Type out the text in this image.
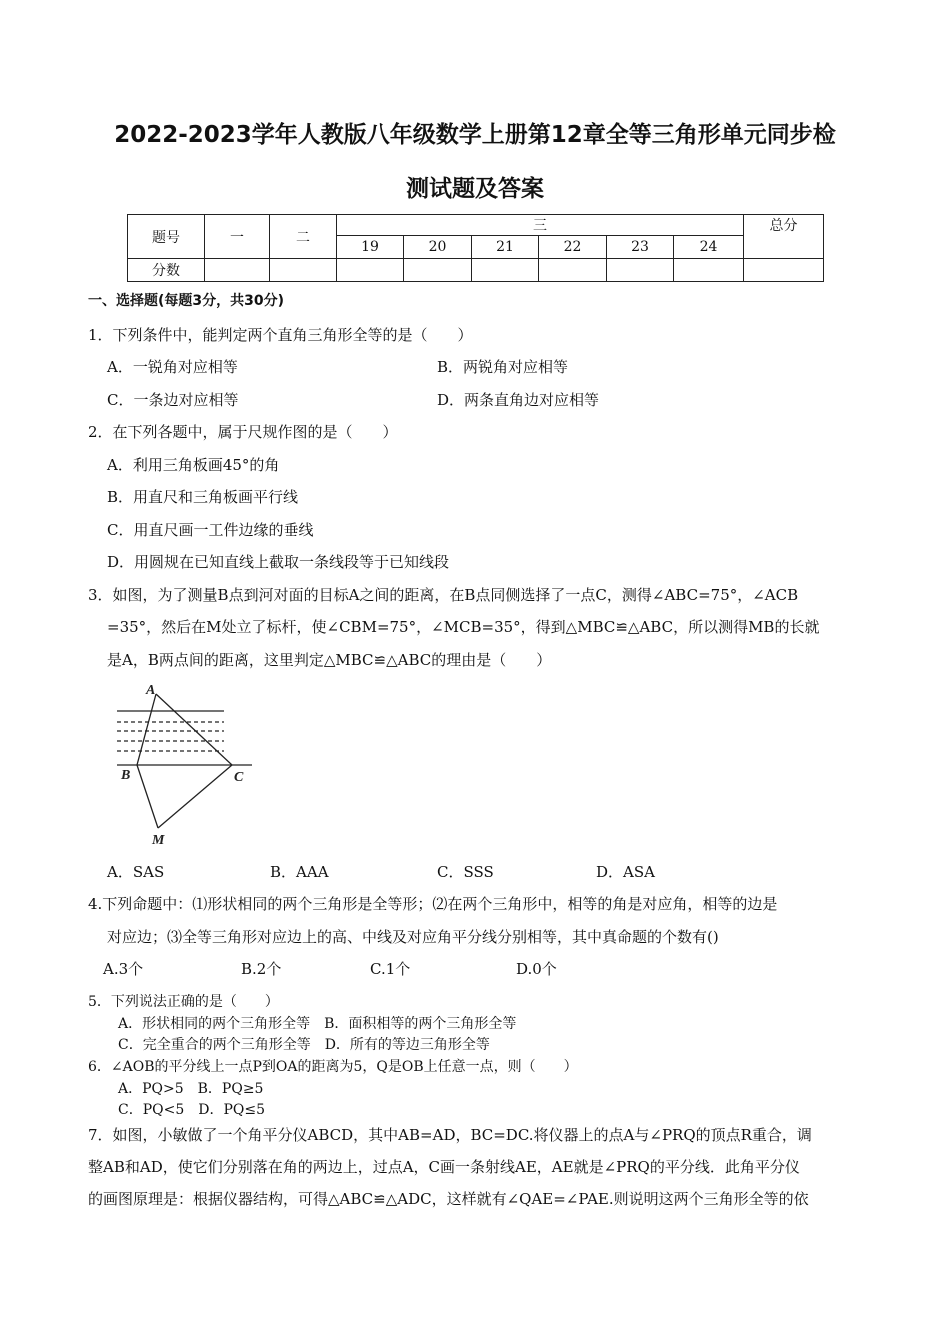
2022-2023学年人教版八年级数学上册第12章全等三角形单元同步检
测试题及答案
题号	一	二	三						总分
			19	20	21	22	23	24	
分数									
一、选择题(每题3分，共30分)
1．下列条件中，能判定两个直角三角形全等的是（　　）
A．一锐角对应相等	B．两锐角对应相等
C．一条边对应相等	D．两条直角边对应相等
2．在下列各题中，属于尺规作图的是（　　）
A．利用三角板画45°的角
B．用直尺和三角板画平行线
C．用直尺画一工件边缘的垂线
D．用圆规在已知直线上截取一条线段等于已知线段
3．如图，为了测量B点到河对面的目标A之间的距离，在B点同侧选择了一点C，测得∠ABC=75°，∠ACB
=35°，然后在M处立了标杆，使∠CBM=75°，∠MCB=35°，得到△MBC≌△ABC，所以测得MB的长就
是A，B两点间的距离，这里判定△MBC≌△ABC的理由是（　　）
A
B	C
M
A．SAS	B．AAA	C．SSS	D．ASA
4.下列命题中：⑴形状相同的两个三角形是全等形；⑵在两个三角形中，相等的角是对应角，相等的边是
对应边；⑶全等三角形对应边上的高、中线及对应角平分线分别相等，其中真命题的个数有()
A.3个	B.2个	C.1个	D.0个
5．下列说法正确的是（　　）
A．形状相同的两个三角形全等　B．面积相等的两个三角形全等
C．完全重合的两个三角形全等　D．所有的等边三角形全等
6．∠AOB的平分线上一点P到OA的距离为5，Q是OB上任意一点，则（　　）
A．PQ>5　B．PQ≥5
C．PQ<5　D．PQ≤5
7．如图，小敏做了一个角平分仪ABCD，其中AB=AD，BC=DC.将仪器上的点A与∠PRQ的顶点R重合，调
整AB和AD，使它们分别落在角的两边上，过点A，C画一条射线AE，AE就是∠PRQ的平分线．此角平分仪
的画图原理是：根据仪器结构，可得△ABC≌△ADC，这样就有∠QAE=∠PAE.则说明这两个三角形全等的依
